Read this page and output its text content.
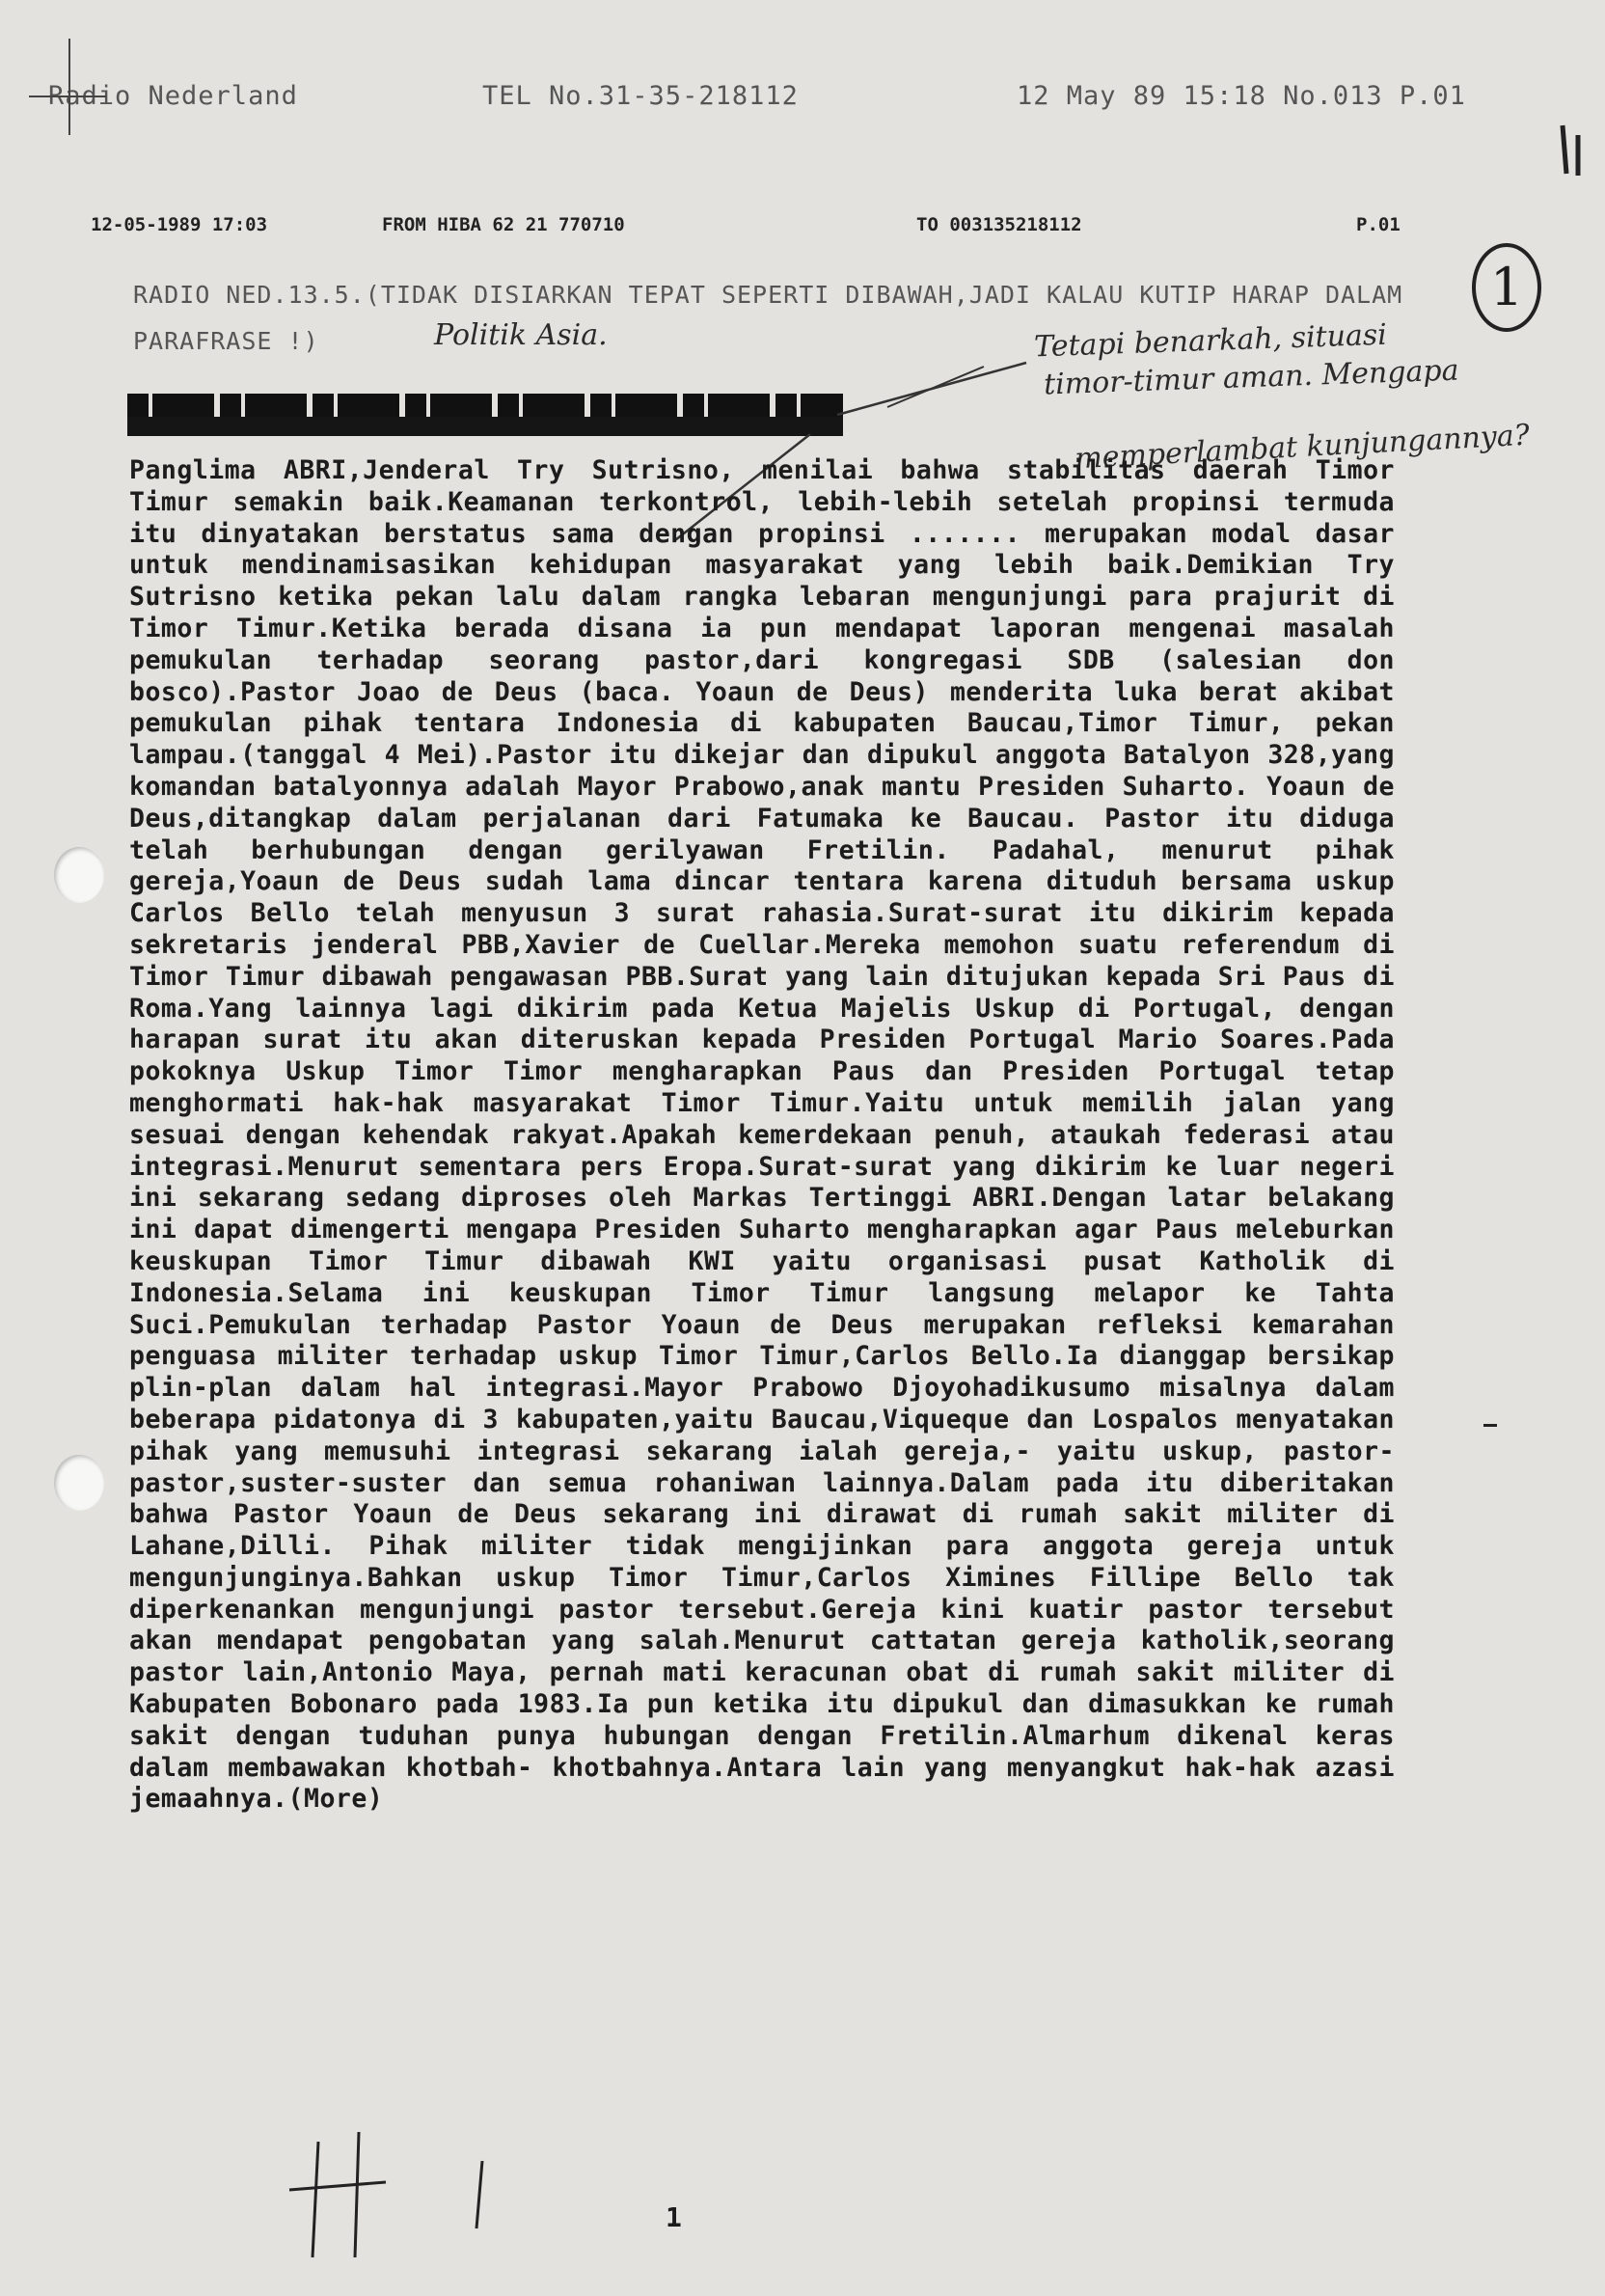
Radio Nederland	TEL No.31-35-218112	12 May 89 15:18 No.013 P.01
12-05-1989 17:03	FROM HIBA 62 21 770710	TO 003135218112	P.01
RADIO NED.13.5.(TIDAK DISIARKAN TEPAT SEPERTI DIBAWAH,JADI KALAU KUTIP HARAP DALAM PARAFRASE !)	Politik Asia.
1
Tetapi benarkah, situasi
timor-timur aman. Mengapa
memperlambat kunjungannya?

Panglima ABRI,Jenderal Try Sutrisno, menilai bahwa stabilitas daerah Timor Timur semakin baik.Keamanan terkontrol, lebih-lebih setelah propinsi termuda itu dinyatakan berstatus sama dengan propinsi ....... merupakan modal dasar untuk mendinamisasikan kehidupan masyarakat yang lebih baik.Demikian Try Sutrisno ketika pekan lalu dalam rangka lebaran mengunjungi para prajurit di Timor Timur.Ketika berada disana ia pun mendapat laporan mengenai masalah pemukulan terhadap seorang pastor,dari kongregasi SDB (salesian don bosco).Pastor Joao de Deus (baca. Yoaun de Deus) menderita luka berat akibat pemukulan pihak tentara Indonesia di kabupaten Baucau,Timor Timur, pekan lampau.(tanggal 4 Mei).Pastor itu dikejar dan dipukul anggota Batalyon 328,yang komandan batalyonnya adalah Mayor Prabowo,anak mantu Presiden Suharto. Yoaun de Deus,ditangkap dalam perjalanan dari Fatumaka ke Baucau. Pastor itu diduga telah berhubungan dengan gerilyawan Fretilin. Padahal, menurut pihak gereja,Yoaun de Deus sudah lama dincar tentara karena dituduh bersama uskup Carlos Bello telah menyusun 3 surat rahasia.Surat-surat itu dikirim kepada sekretaris jenderal PBB,Xavier de Cuellar.Mereka memohon suatu referendum di Timor Timur dibawah pengawasan PBB.Surat yang lain ditujukan kepada Sri Paus di Roma.Yang lainnya lagi dikirim pada Ketua Majelis Uskup di Portugal, dengan harapan surat itu akan diteruskan kepada Presiden Portugal Mario Soares.Pada pokoknya Uskup Timor Timor mengharapkan Paus dan Presiden Portugal tetap menghormati hak-hak masyarakat Timor Timur.Yaitu untuk memilih jalan yang sesuai dengan kehendak rakyat.Apakah kemerdekaan penuh, ataukah federasi atau integrasi.Menurut sementara pers Eropa.Surat-surat yang dikirim ke luar negeri ini sekarang sedang diproses oleh Markas Tertinggi ABRI.Dengan latar belakang ini dapat dimengerti mengapa Presiden Suharto mengharapkan agar Paus meleburkan keuskupan Timor Timur dibawah KWI yaitu organisasi pusat Katholik di Indonesia.Selama ini keuskupan Timor Timur langsung melapor ke Tahta Suci.Pemukulan terhadap Pastor Yoaun de Deus merupakan refleksi kemarahan penguasa militer terhadap uskup Timor Timur,Carlos Bello.Ia dianggap bersikap plin-plan dalam hal integrasi.Mayor Prabowo Djoyohadikusumo misalnya dalam beberapa pidatonya di 3 kabupaten,yaitu Baucau,Viqueque dan Lospalos menyatakan pihak yang memusuhi integrasi sekarang ialah gereja,- yaitu uskup, pastor-pastor,suster-suster dan semua rohaniwan lainnya.Dalam pada itu diberitakan bahwa Pastor Yoaun de Deus sekarang ini dirawat di rumah sakit militer di Lahane,Dilli. Pihak militer tidak mengijinkan para anggota gereja untuk mengunjunginya.Bahkan uskup Timor Timur,Carlos Ximines Fillipe Bello tak diperkenankan mengunjungi pastor tersebut.Gereja kini kuatir pastor tersebut akan mendapat pengobatan yang salah.Menurut cattatan gereja katholik,seorang pastor lain,Antonio Maya, pernah mati keracunan obat di rumah sakit militer di Kabupaten Bobonaro pada 1983.Ia pun ketika itu dipukul dan dimasukkan ke rumah sakit dengan tuduhan punya hubungan dengan Fretilin.Almarhum dikenal keras dalam membawakan khotbah- khotbahnya.Antara lain yang menyangkut hak-hak azasi jemaahnya.(More)

1
